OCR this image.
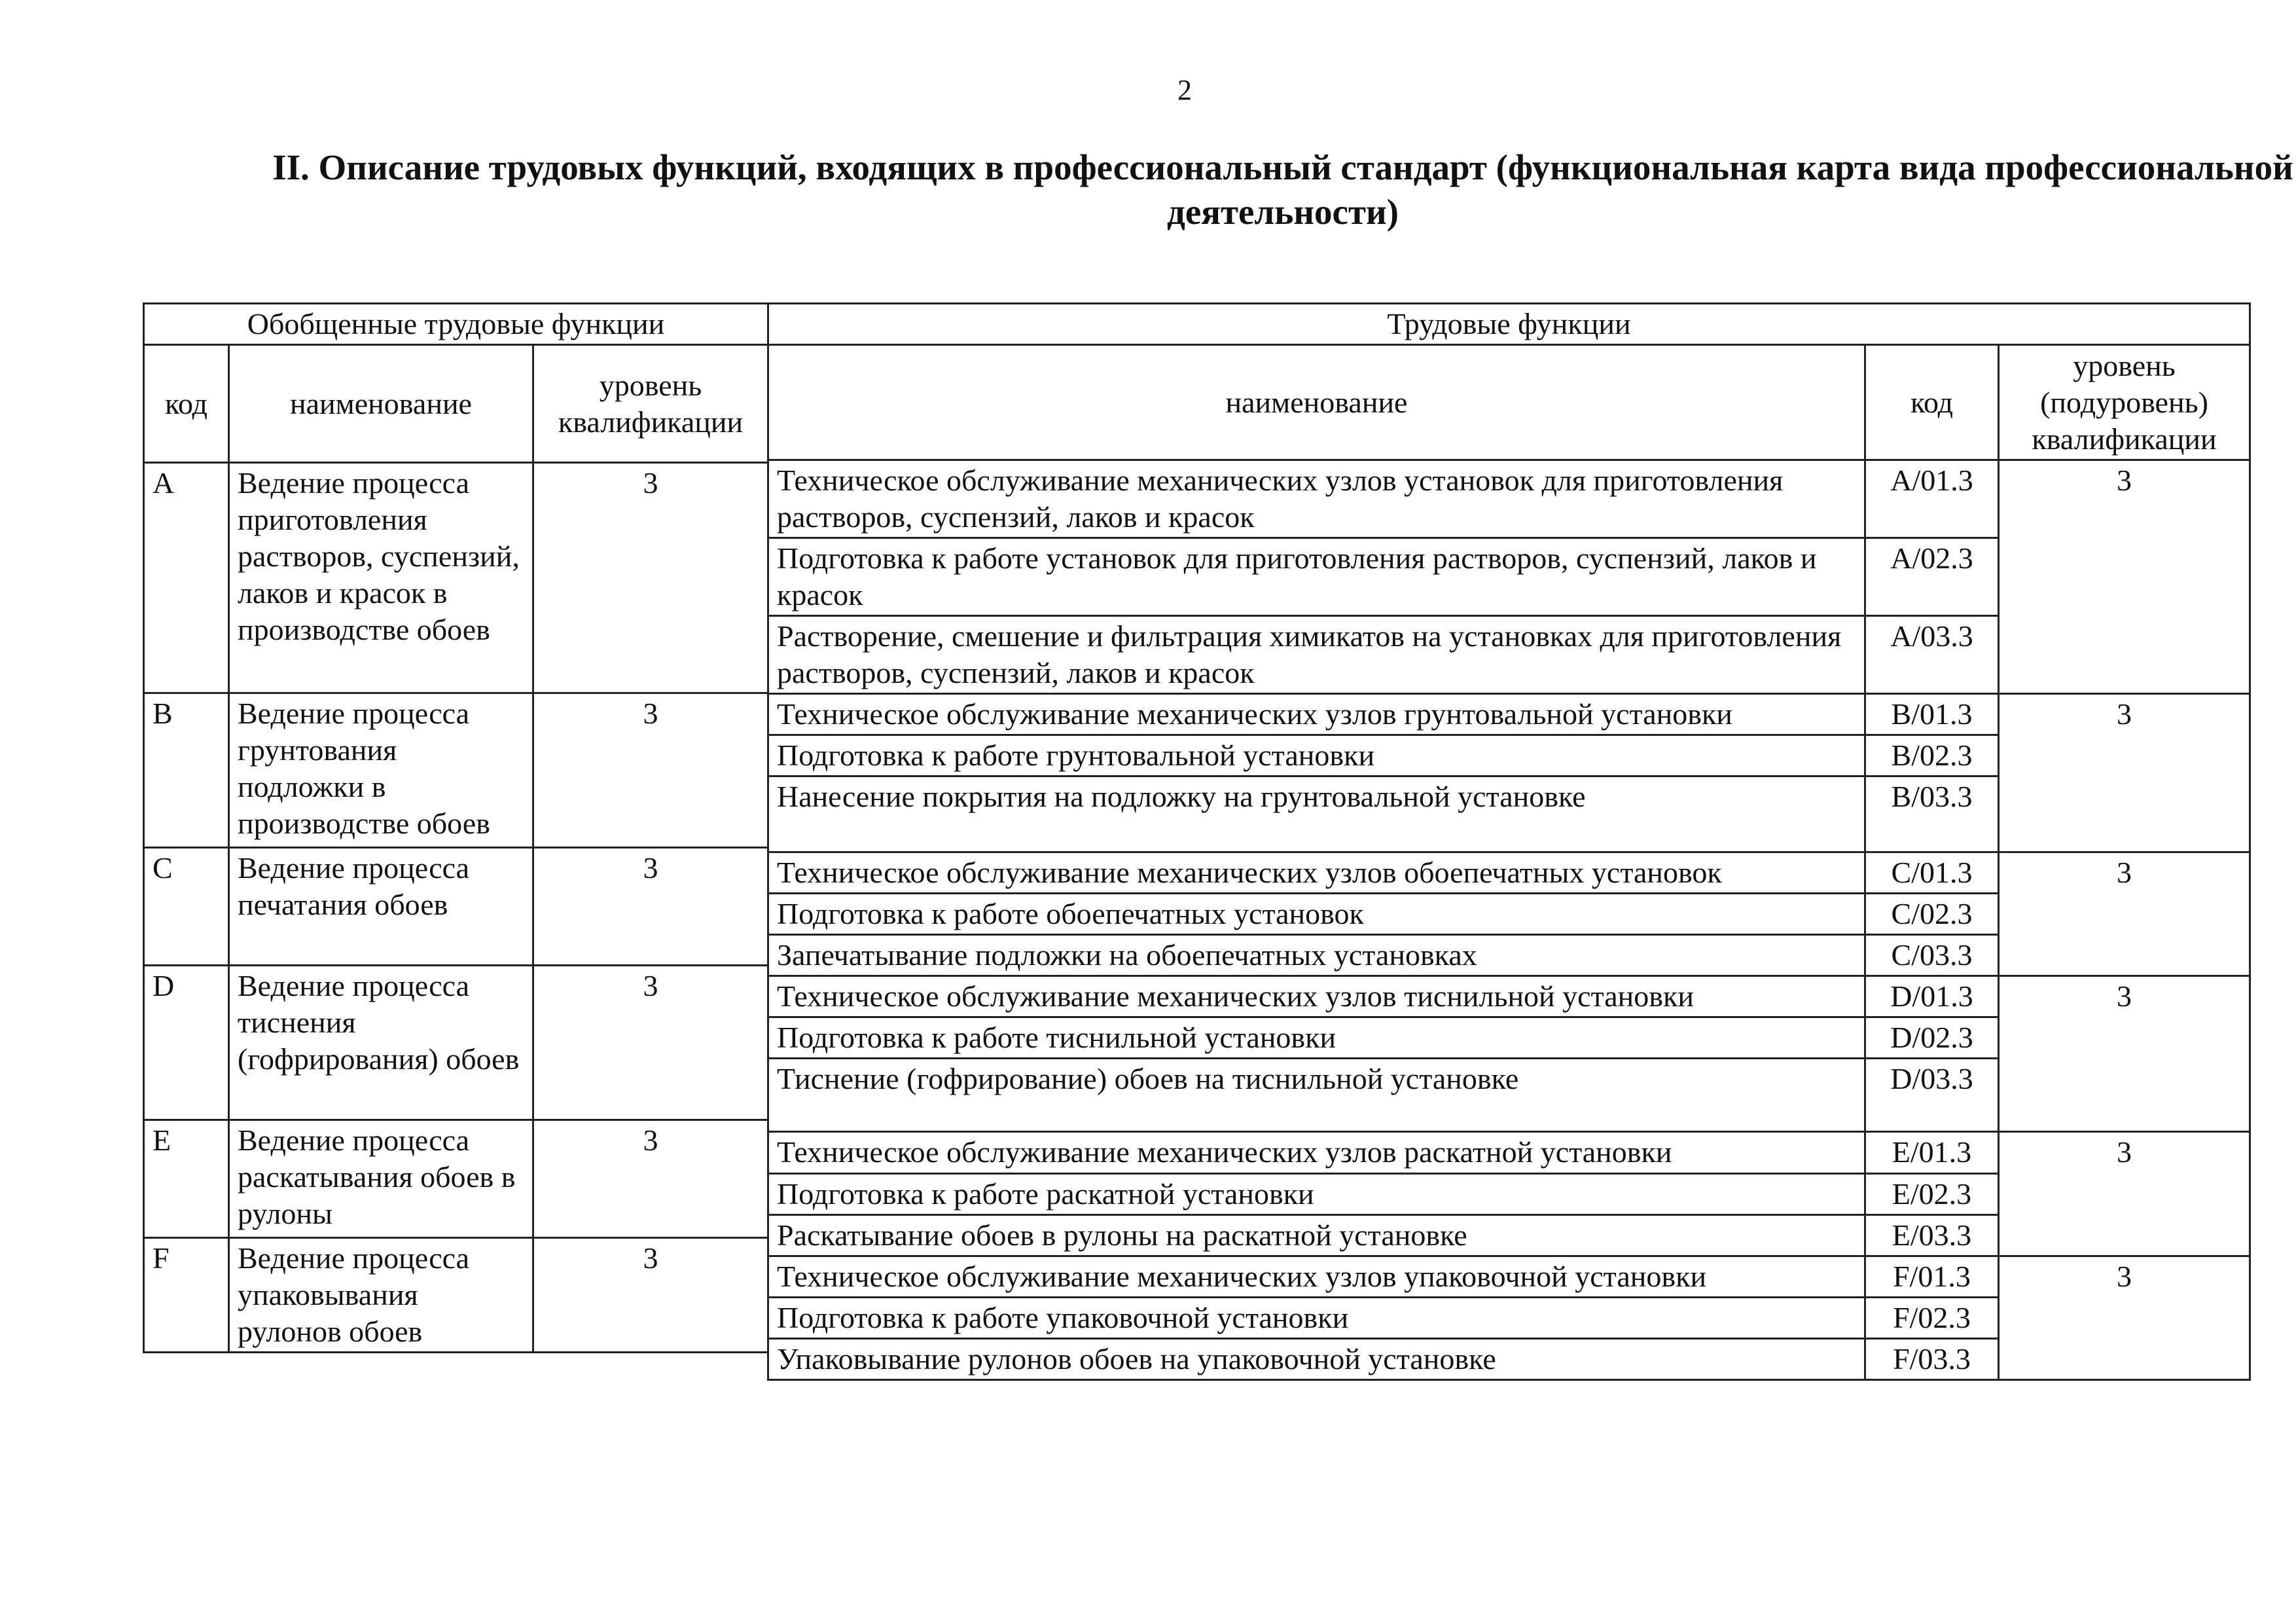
2
II. Описание трудовых функций, входящих в профессиональный стандарт (функциональная карта вида профессиональной деятельности)
Обобщенные трудовые функции		
код	наименование	уровень квалификации
A	Ведение процесса приготовления растворов, суспензий, лаков и красок в производстве обоев	3
B	Ведение процесса грунтования подложки в производстве обоев	3
C	Ведение процесса печатания обоев	3
D	Ведение процесса тиснения (гофрирования) обоев	3
E	Ведение процесса раскатывания обоев в рулоны	3
F	Ведение процесса упаковывания рулонов обоев	3
Трудовые функции		
наименование	код	уровень (подуровень) квалификации
Техническое обслуживание механических узлов установок для приготовления растворов, суспензий, лаков и красок	A/01.3	3
Подготовка к работе установок для приготовления растворов, суспензий, лаков и красок	A/02.3	
Растворение, смешение и фильтрация химикатов на установках для приготовления растворов, суспензий, лаков и красок	A/03.3	
Техническое обслуживание механических узлов грунтовальной установки	B/01.3	3
Подготовка к работе грунтовальной установки	B/02.3	
Нанесение покрытия на подложку на грунтовальной установке	B/03.3	
Техническое обслуживание механических узлов обоепечатных установок	C/01.3	3
Подготовка к работе обоепечатных установок	C/02.3	
Запечатывание подложки на обоепечатных установках	C/03.3	
Техническое обслуживание механических узлов тиснильной установки	D/01.3	3
Подготовка к работе тиснильной установки	D/02.3	
Тиснение (гофрирование) обоев на тиснильной установке	D/03.3	
Техническое обслуживание механических узлов раскатной установки	E/01.3	3
Подготовка к работе раскатной установки	E/02.3	
Раскатывание обоев в рулоны на раскатной установке	E/03.3	
Техническое обслуживание механических узлов упаковочной установки	F/01.3	3
Подготовка к работе упаковочной установки	F/02.3	
Упаковывание рулонов обоев на упаковочной установке	F/03.3	
